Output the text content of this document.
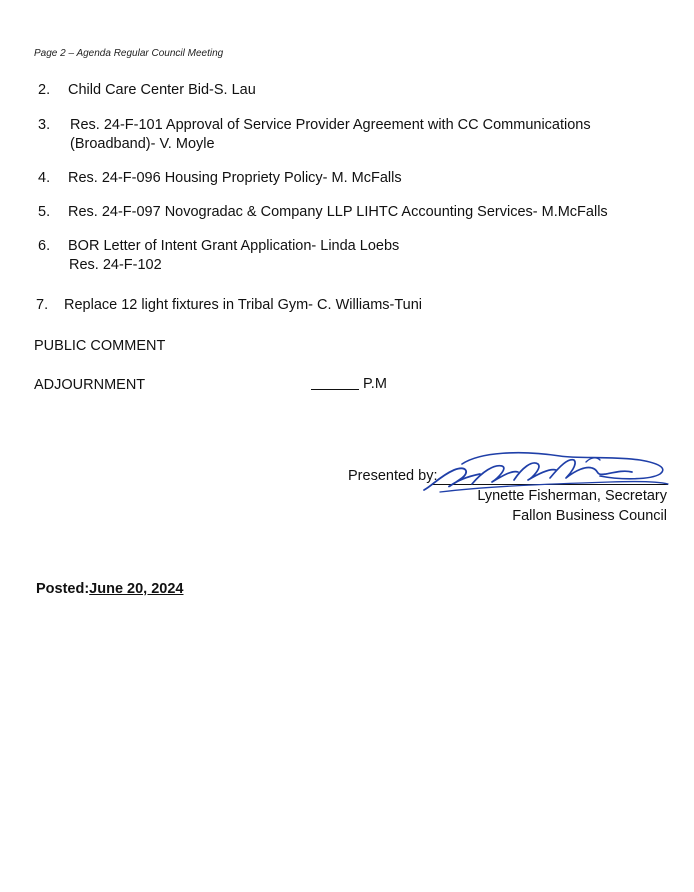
Page 2 – Agenda Regular Council Meeting
2. Child Care Center Bid-S. Lau
3. Res. 24-F-101 Approval of Service Provider Agreement with CC Communications
(Broadband)- V. Moyle
4. Res. 24-F-096 Housing Propriety Policy- M. McFalls
5. Res. 24-F-097 Novogradac & Company LLP LIHTC Accounting Services- M.McFalls
6. BOR Letter of Intent Grant Application- Linda Loebs
Res. 24-F-102
7. Replace 12 light fixtures in Tribal Gym- C. Williams-Tuni
PUBLIC COMMENT
ADJOURNMENT	P.M
Presented by:
Lynette Fisherman, Secretary
Fallon Business Council
Posted:June 20, 2024
